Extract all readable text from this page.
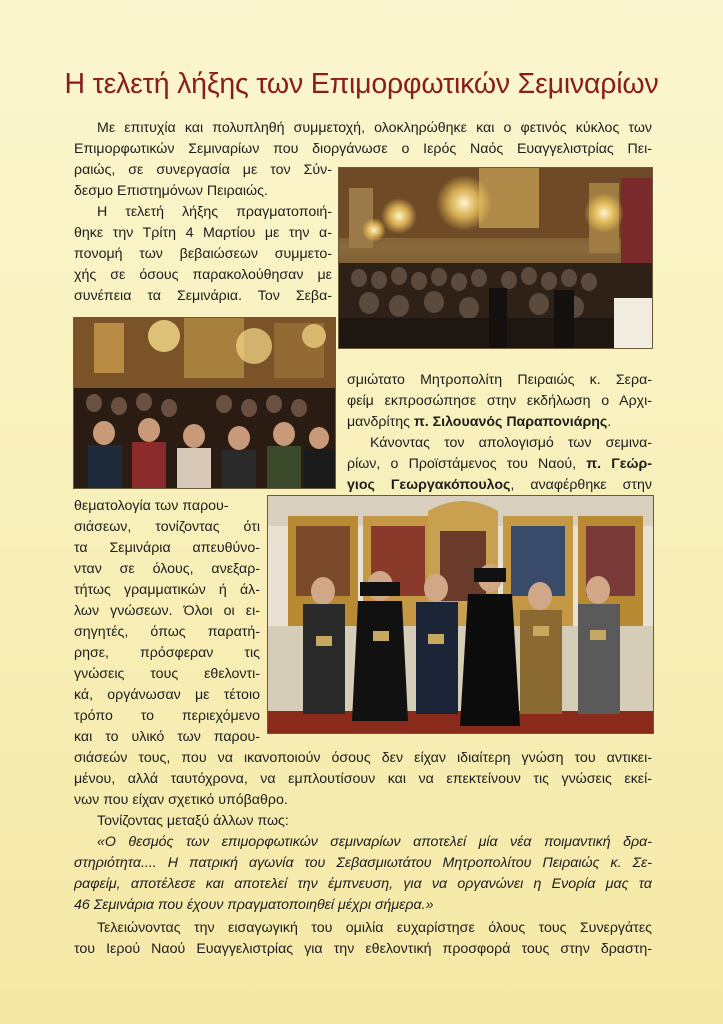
Η τελετή λήξης των Επιμορφωτικών Σεμιναρίων
Με επιτυχία και πολυπληθή συμμετοχή, ολοκληρώθηκε και ο φετινός κύκλος των
Επιμορφωτικών Σεμιναρίων που διοργάνωσε ο Ιερός Ναός Ευαγγελιστρίας Πει-
ραιώς, σε συνεργασία με τον Σύν-
δεσμο Επιστημόνων Πειραιώς.
Η τελετή λήξης πραγματοποιή-
θηκε την Τρίτη 4 Μαρτίου με την α-
πονομή των βεβαιώσεων συμμετο-
χής σε όσους παρακολούθησαν με
συνέπεια τα Σεμινάρια. Τον Σεβα-
σμιώτατο Μητροπολίτη Πειραιώς κ. Σερα-
φείμ εκπροσώπησε στην εκδήλωση ο Αρχι-
μανδρίτης π. Σιλουανός Παραπονιάρης.
Κάνοντας τον απολογισμό των σεμινα-
ρίων, ο Προϊστάμενος του Ναού, π. Γεώρ-
γιος Γεωργακόπουλος, αναφέρθηκε στην
θεματολογία των παρου-
σιάσεων, τονίζοντας ότι
τα Σεμινάρια απευθύνο-
νταν σε όλους, ανεξαρ-
τήτως γραμματικών ή άλ-
λων γνώσεων. Όλοι οι ει-
σηγητές, όπως παρατή-
ρησε, πρόσφεραν τις
γνώσεις τους εθελοντι-
κά, οργάνωσαν με τέτοιο
τρόπο το περιεχόμενο
και το υλικό των παρου-
σιάσεών τους, που να ικανοποιούν όσους δεν είχαν ιδιαίτερη γνώση του αντικει-
μένου, αλλά ταυτόχρονα, να εμπλουτίσουν και να επεκτείνουν τις γνώσεις εκεί-
νων που είχαν σχετικό υπόβαθρο.
Τονίζοντας μεταξύ άλλων πως:
«Ο θεσμός των επιμορφωτικών σεμιναρίων αποτελεί μία νέα ποιμαντική δρα-
στηριότητα.... Η πατρική αγωνία του Σεβασμιωτάτου Μητροπολίτου Πειραιώς κ. Σε-
ραφείμ, αποτέλεσε και αποτελεί την έμπνευση, για να οργανώνει η Ενορία μας τα
46 Σεμινάρια που έχουν πραγματοποιηθεί μέχρι σήμερα.»
Τελειώνοντας την εισαγωγική του ομιλία ευχαρίστησε όλους τους Συνεργάτες
του Ιερού Ναού Ευαγγελιστρίας για την εθελοντική προσφορά τους στην δραστη-
